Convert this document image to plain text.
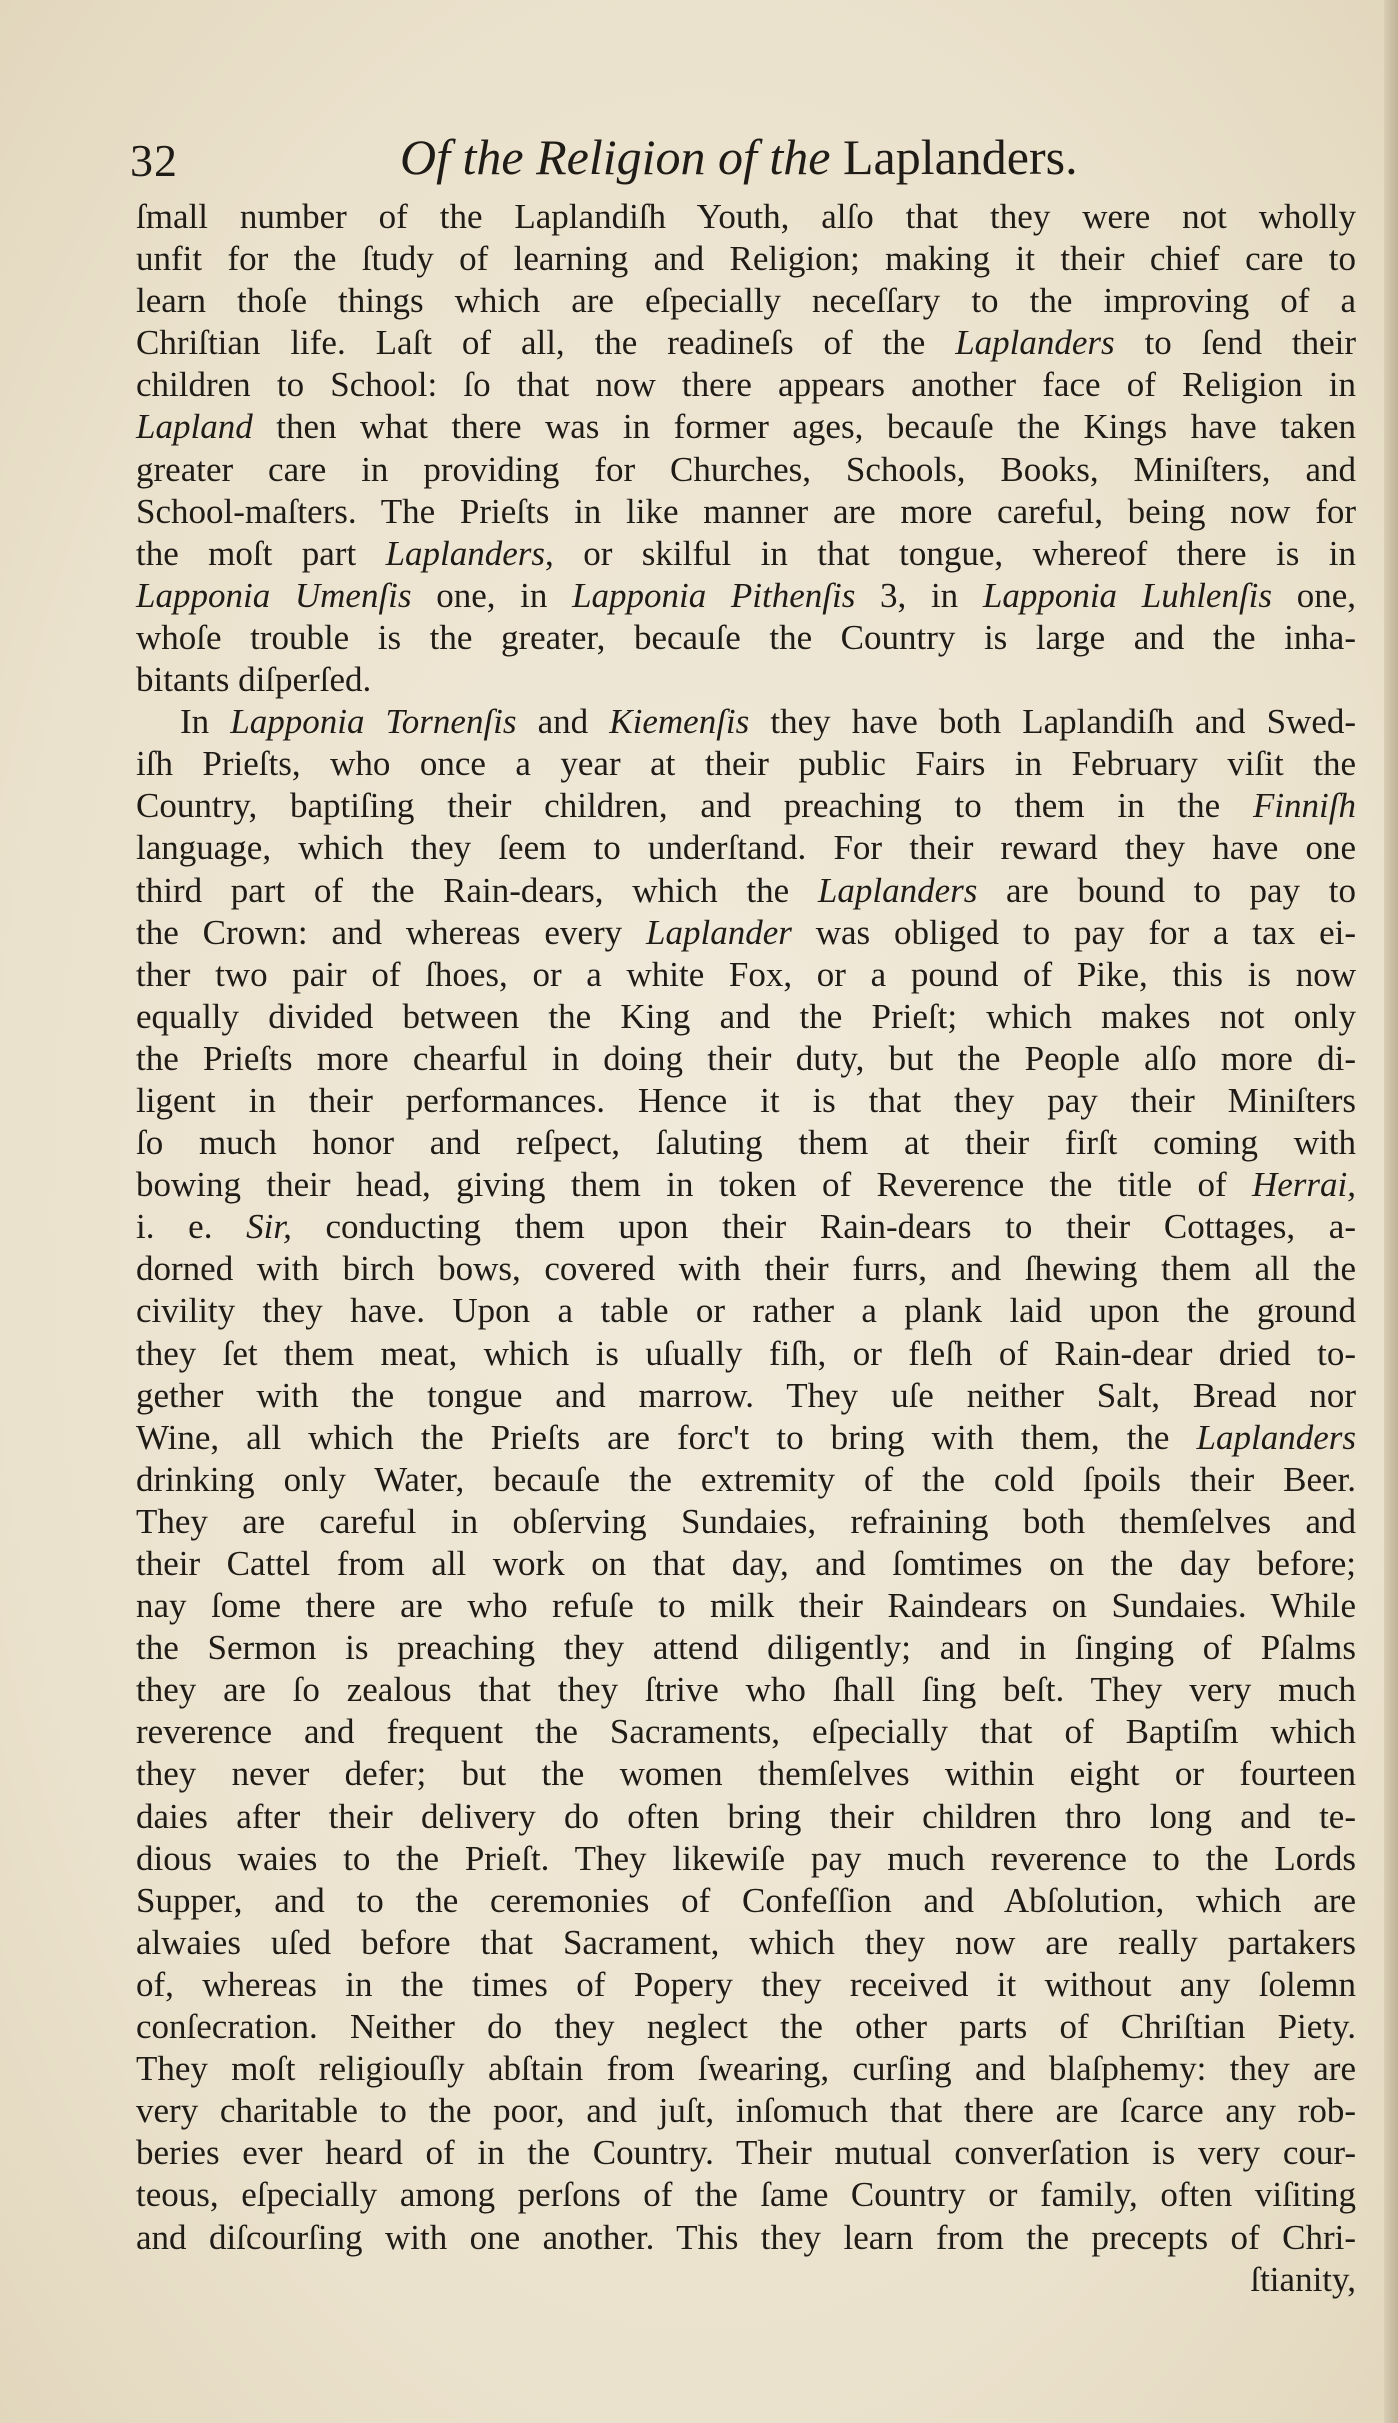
32	Of the Religion of the Laplanders.
ſmall number of the Laplandiſh Youth, alſo that they were not wholly
unfit for the ſtudy of learning and Religion; making it their chief care to
learn thoſe things which are eſpecially neceſſary to the improving of a
Chriſtian life. Laſt of all, the readineſs of the Laplanders to ſend their
children to School: ſo that now there appears another face of Religion in
Lapland then what there was in former ages, becauſe the Kings have taken
greater care in providing for Churches, Schools, Books, Miniſters, and
School-maſters. The Prieſts in like manner are more careful, being now for
the moſt part Laplanders, or skilful in that tongue, whereof there is in
Lapponia Umenſis one, in Lapponia Pithenſis 3, in Lapponia Luhlenſis one,
whoſe trouble is the greater, becauſe the Country is large and the inha-
bitants diſperſed.
In Lapponia Tornenſis and Kiemenſis they have both Laplandiſh and Swed-
iſh Prieſts, who once a year at their public Fairs in February viſit the
Country, baptiſing their children, and preaching to them in the Finniſh
language, which they ſeem to underſtand. For their reward they have one
third part of the Rain-dears, which the Laplanders are bound to pay to
the Crown: and whereas every Laplander was obliged to pay for a tax ei-
ther two pair of ſhoes, or a white Fox, or a pound of Pike, this is now
equally divided between the King and the Prieſt; which makes not only
the Prieſts more chearful in doing their duty, but the People alſo more di-
ligent in their performances. Hence it is that they pay their Miniſters
ſo much honor and reſpect, ſaluting them at their firſt coming with
bowing their head, giving them in token of Reverence the title of Herrai,
i. e. Sir, conducting them upon their Rain-dears to their Cottages, a-
dorned with birch bows, covered with their furrs, and ſhewing them all the
civility they have. Upon a table or rather a plank laid upon the ground
they ſet them meat, which is uſually fiſh, or fleſh of Rain-dear dried to-
gether with the tongue and marrow. They uſe neither Salt, Bread nor
Wine, all which the Prieſts are forc't to bring with them, the Laplanders
drinking only Water, becauſe the extremity of the cold ſpoils their Beer.
They are careful in obſerving Sundaies, refraining both themſelves and
their Cattel from all work on that day, and ſomtimes on the day before;
nay ſome there are who refuſe to milk their Raindears on Sundaies. While
the Sermon is preaching they attend diligently; and in ſinging of Pſalms
they are ſo zealous that they ſtrive who ſhall ſing beſt. They very much
reverence and frequent the Sacraments, eſpecially that of Baptiſm which
they never defer; but the women themſelves within eight or fourteen
daies after their delivery do often bring their children thro long and te-
dious waies to the Prieſt. They likewiſe pay much reverence to the Lords
Supper, and to the ceremonies of Confeſſion and Abſolution, which are
alwaies uſed before that Sacrament, which they now are really partakers
of, whereas in the times of Popery they received it without any ſolemn
conſecration. Neither do they neglect the other parts of Chriſtian Piety.
They moſt religiouſly abſtain from ſwearing, curſing and blaſphemy: they are
very charitable to the poor, and juſt, inſomuch that there are ſcarce any rob-
beries ever heard of in the Country. Their mutual converſation is very cour-
teous, eſpecially among perſons of the ſame Country or family, often viſiting
and diſcourſing with one another. This they learn from the precepts of Chri-
ſtianity,
